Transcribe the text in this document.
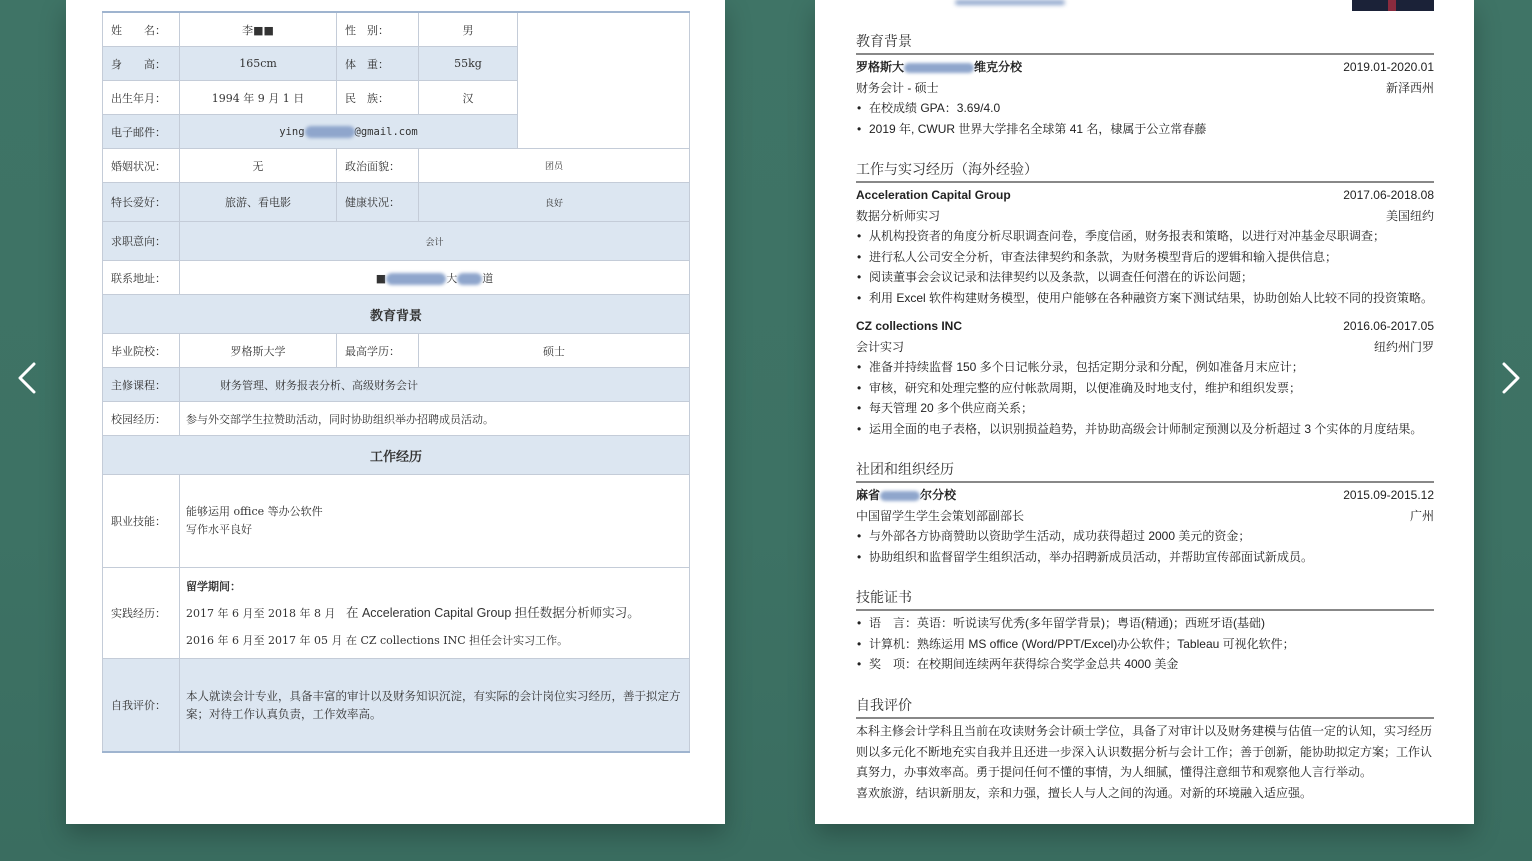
姓　　名：	李■■	性　别：	男	
身　　高：	165cm	体　重：	55kg	
出生年月：	1994 年 9 月 1 日	民　族：	汉	
电子邮件：	ying @gmail.com			
婚姻状况：	无	政治面貌：	团员	
特长爱好：	旅游、看电影	健康状况：	良好	
求职意向：	会计			
联系地址：	■ 大 道			
教育背景				
毕业院校：	罗格斯大学	最高学历：	硕士	
主修课程：	财务管理、财务报表分析、高级财务会计			
校园经历：	参与外交部学生拉赞助活动，同时协助组织举办招聘成员活动。			
工作经历				
职业技能：	能够运用 office 等办公软件
写作水平良好			

实践经历：	留学期间：
2017 年 6 月至 2018 年 8 月 在 Acceleration Capital Group 担任数据分析师实习。
2016 年 6 月至 2017 年 05 月 在 CZ collections INC 担任会计实习工作。			

自我评价：	本人就读会计专业，具备丰富的审计以及财务知识沉淀，有实际的会计岗位实习经历，善于拟定方案；对待工作认真负责，工作效率高。			
教育背景
罗格斯大	维克分校	2019.01-2020.01
财务会计 - 硕士	新泽西州
• 在校成绩 GPA：3.69/4.0
• 2019 年, CWUR 世界大学排名全球第 41 名，棣属于公立常春藤
工作与实习经历（海外经验）
Acceleration Capital Group	2017.06-2018.08
数据分析师实习	美国纽约
• 从机构投资者的角度分析尽职调查问卷，季度信函，财务报表和策略，以进行对冲基金尽职调查；
• 进行私人公司安全分析，审查法律契约和条款，为财务模型背后的逻辑和输入提供信息；
• 阅读董事会会议记录和法律契约以及条款，以调查任何潜在的诉讼问题；
• 利用 Excel 软件构建财务模型，使用户能够在各种融资方案下测试结果，协助创始人比较不同的投资策略。
CZ collections INC	2016.06-2017.05
会计实习	纽约州门罗
• 准备并持续监督 150 多个日记帐分录，包括定期分录和分配，例如准备月末应计；
• 审核，研究和处理完整的应付帐款周期，以便准确及时地支付，维护和组织发票；
• 每天管理 20 多个供应商关系；
• 运用全面的电子表格，以识别损益趋势，并协助高级会计师制定预测以及分析超过 3 个实体的月度结果。
社团和组织经历
麻省	尔分校	2015.09-2015.12
中国留学生学生会策划部副部长	广州
• 与外部各方协商赞助以资助学生活动，成功获得超过 2000 美元的资金；
• 协助组织和监督留学生组织活动，举办招聘新成员活动，并帮助宣传部面试新成员。
技能证书
• 语　言：英语：听说读写优秀(多年留学背景)；粤语(精通)；西班牙语(基础)
• 计算机：熟练运用 MS office (Word/PPT/Excel)办公软件；Tableau 可视化软件；
• 奖　项：在校期间连续两年获得综合奖学金总共 4000 美金
自我评价

本科主修会计学科且当前在攻读财务会计硕士学位，具备了对审计以及财务建模与估值一定的认知，实习经历则以多元化不断地充实自我并且还进一步深入认识数据分析与会计工作；善于创新，能协助拟定方案；工作认真努力，办事效率高。勇于提问任何不懂的事情，为人细腻，懂得注意细节和观察他人言行举动。

喜欢旅游，结识新朋友，亲和力强，擅长人与人之间的沟通。对新的环境融入适应强。
